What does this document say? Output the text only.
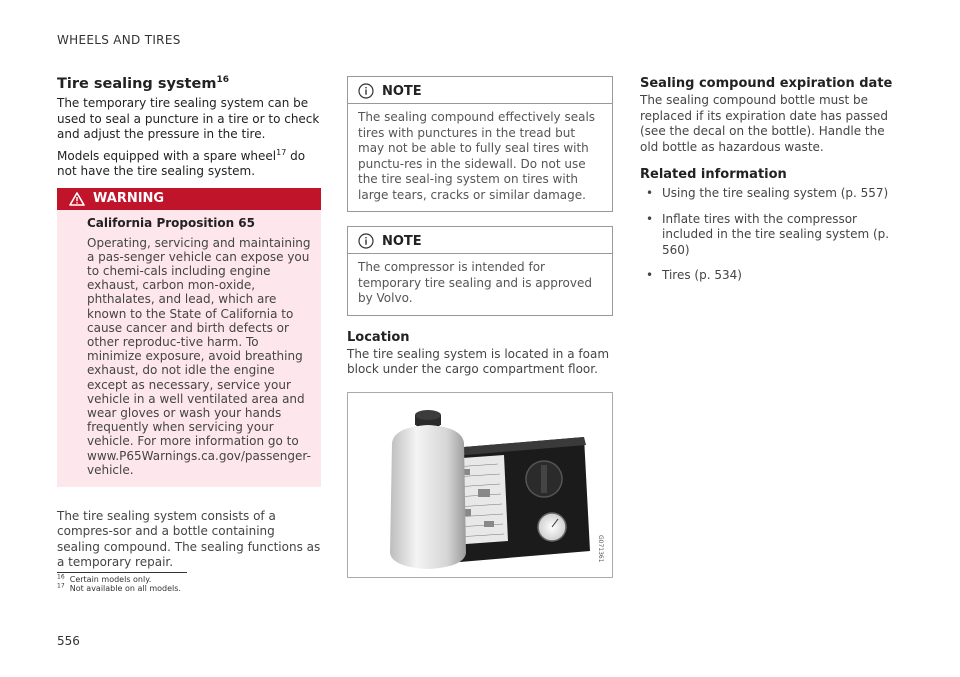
WHEELS AND TIRES
Tire sealing system$^{16}$

The temporary tire sealing system can be used to seal a puncture in a tire or to check and adjust the pressure in the tire.

Models equipped with a spare wheel$^{17}$ do not have the tire sealing system.

WARNING
California Proposition 65

Operating, servicing and maintaining a pas-senger vehicle can expose you to chemi-cals including engine exhaust, carbon mon-oxide, phthalates, and lead, which are known to the State of California to cause cancer and birth defects or other reproduc-tive harm. To minimize exposure, avoid breathing exhaust, do not idle the engine except as necessary, service your vehicle in a well ventilated area and wear gloves or wash your hands frequently when servicing your vehicle. For more information go to www.P65Warnings.ca.gov/passenger-vehicle.

The tire sealing system consists of a compres-sor and a bottle containing sealing compound. The sealing functions as a temporary repair.

NOTE

The sealing compound effectively seals tires with punctures in the tread but may not be able to fully seal tires with punctu-res in the sidewall. Do not use the tire seal-ing system on tires with large tears, cracks or similar damage.

NOTE

The compressor is intended for temporary tire sealing and is approved by Volvo.

Location

The tire sealing system is located in a foam block under the cargo compartment floor.

G071361
Sealing compound expiration date

The sealing compound bottle must be replaced if its expiration date has passed (see the decal on the bottle). Handle the old bottle as hazardous waste.

Related information
• Using the tire sealing system (p. 557)
• Inflate tires with the compressor included in the tire sealing system (p. 560)
• Tires (p. 534)
$^{16}$ Certain models only.
$^{17}$ Not available on all models.
556
